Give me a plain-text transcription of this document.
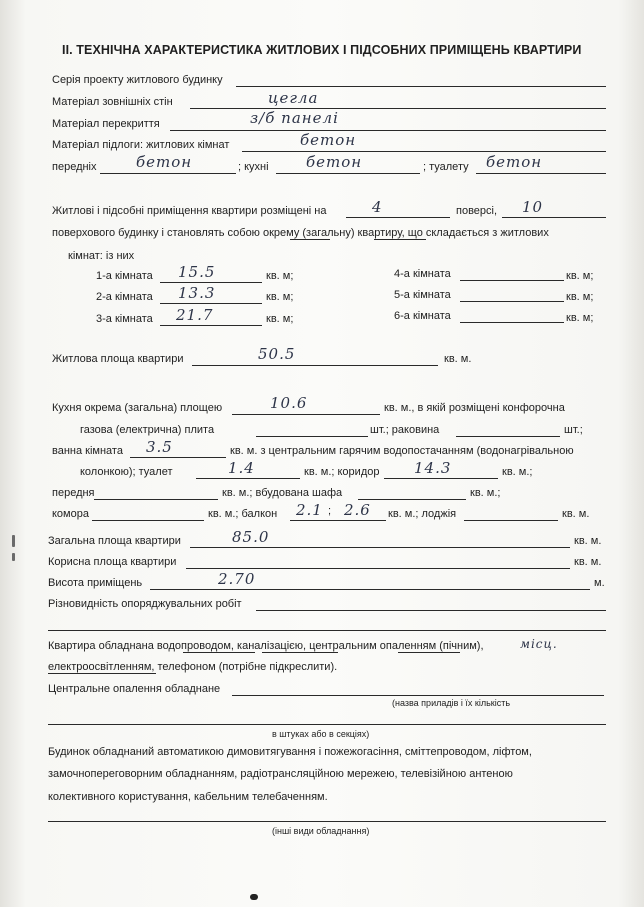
II. ТЕХНІЧНА ХАРАКТЕРИСТИКА ЖИТЛОВИХ І ПІДСОБНИХ ПРИМІЩЕНЬ КВАРТИРИ
Серія проекту житлового будинку
Матеріал зовнішніх стін	цегла
Матеріал перекриття	з/б панелі
Матеріал підлоги: житлових кімнат	бетон
передніх	бетон	; кухні бетон	; туалету бетон
Житлові і підсобні приміщення квартири розміщені на	4	поверсі, 10
поверхового будинку і становлять собою окрему (загальну) квартиру, що складається з житлових
кімнат: із них
1-а кімната 15.5	кв. м;
2-а кімната 13.3	кв. м;
3-а кімната 21.7	кв. м;
4-а кімната	кв. м;
5-а кімната	кв. м;
6-а кімната	кв. м;
Житлова площа квартири	50.5	кв. м.
Кухня окрема (загальна) площею	10.6	кв. м., в якій розміщені конфорочна
газова (електрична) плита	шт.; раковина	шт.;
ванна кімната 3.5	кв. м. з центральним гарячим водопостачанням (водонагрівальною
колонкою); туалет	1.4	кв. м.; коридор 14.3	кв. м.;
передня	кв. м.; вбудована шафа	кв. м.;
комора	кв. м.; балкон 2.1 ; 2.6 кв. м.; лоджія	кв. м.
Загальна площа квартири	85.0	кв. м.
Корисна площа квартири	кв. м.
Висота приміщень	2.70	м.
Різновидність опоряджувальних робіт
Квартира обладнана водопроводом, каналізацією, центральним опаленням (пічним),	місц.
електроосвітленням, телефоном (потрібне підкреслити).
Центральне опалення обладнане
(назва приладів і їх кількість
в штуках або в секціях)
Будинок обладнаний автоматикою димовитягування і пожежогасіння, сміттепроводом, ліфтом,
замочнопереговорним обладнанням, радіотрансляційною мережею, телевізійною антеною
колективного користування, кабельним телебаченням.
(інші види обладнання)
